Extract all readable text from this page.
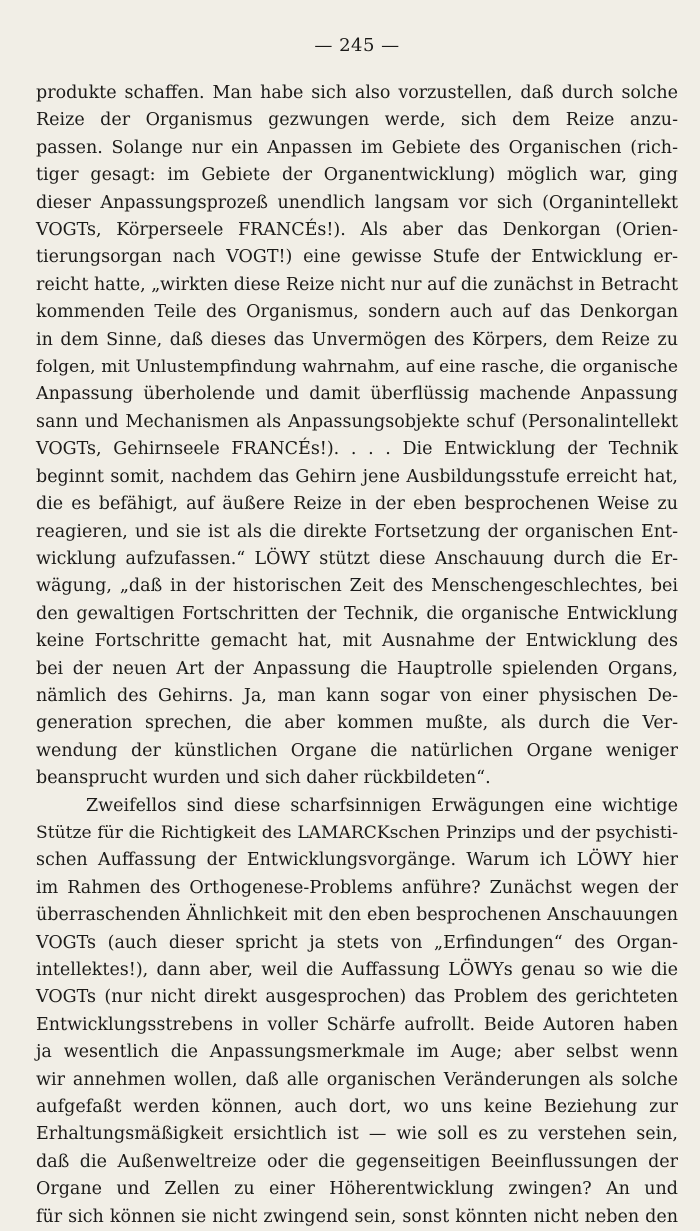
— 245 —
produkte schaffen. Man habe sich also vorzustellen, daß durch solche
Reize der Organismus gezwungen werde, sich dem Reize anzu-
passen. Solange nur ein Anpassen im Gebiete des Organischen (rich-
tiger gesagt: im Gebiete der Organentwicklung) möglich war, ging
dieser Anpassungsprozeß unendlich langsam vor sich (Organintellekt
VOGTs, Körperseele FRANCÉs!). Als aber das Denkorgan (Orien-
tierungsorgan nach VOGT!) eine gewisse Stufe der Entwicklung er-
reicht hatte, „wirkten diese Reize nicht nur auf die zunächst in Betracht
kommenden Teile des Organismus, sondern auch auf das Denkorgan
in dem Sinne, daß dieses das Unvermögen des Körpers, dem Reize zu
folgen, mit Unlustempfindung wahrnahm, auf eine rasche, die organische
Anpassung überholende und damit überflüssig machende Anpassung
sann und Mechanismen als Anpassungsobjekte schuf (Personalintellekt
VOGTs, Gehirnseele FRANCÉs!). . . . Die Entwicklung der Technik
beginnt somit, nachdem das Gehirn jene Ausbildungsstufe erreicht hat,
die es befähigt, auf äußere Reize in der eben besprochenen Weise zu
reagieren, und sie ist als die direkte Fortsetzung der organischen Ent-
wicklung aufzufassen.“ LÖWY stützt diese Anschauung durch die Er-
wägung, „daß in der historischen Zeit des Menschengeschlechtes, bei
den gewaltigen Fortschritten der Technik, die organische Entwicklung
keine Fortschritte gemacht hat, mit Ausnahme der Entwicklung des
bei der neuen Art der Anpassung die Hauptrolle spielenden Organs,
nämlich des Gehirns. Ja, man kann sogar von einer physischen De-
generation sprechen, die aber kommen mußte, als durch die Ver-
wendung der künstlichen Organe die natürlichen Organe weniger
beansprucht wurden und sich daher rückbildeten“.
Zweifellos sind diese scharfsinnigen Erwägungen eine wichtige
Stütze für die Richtigkeit des LAMARCKschen Prinzips und der psychisti-
schen Auffassung der Entwicklungsvorgänge. Warum ich LÖWY hier
im Rahmen des Orthogenese-Problems anführe? Zunächst wegen der
überraschenden Ähnlichkeit mit den eben besprochenen Anschauungen
VOGTs (auch dieser spricht ja stets von „Erfindungen“ des Organ-
intellektes!), dann aber, weil die Auffassung LÖWYs genau so wie die
VOGTs (nur nicht direkt ausgesprochen) das Problem des gerichteten
Entwicklungsstrebens in voller Schärfe aufrollt. Beide Autoren haben
ja wesentlich die Anpassungsmerkmale im Auge; aber selbst wenn
wir annehmen wollen, daß alle organischen Veränderungen als solche
aufgefaßt werden können, auch dort, wo uns keine Beziehung zur
Erhaltungsmäßigkeit ersichtlich ist — wie soll es zu verstehen sein,
daß die Außenweltreize oder die gegenseitigen Beeinflussungen der
Organe und Zellen zu einer Höherentwicklung zwingen? An und
für sich können sie nicht zwingend sein, sonst könnten nicht neben den
